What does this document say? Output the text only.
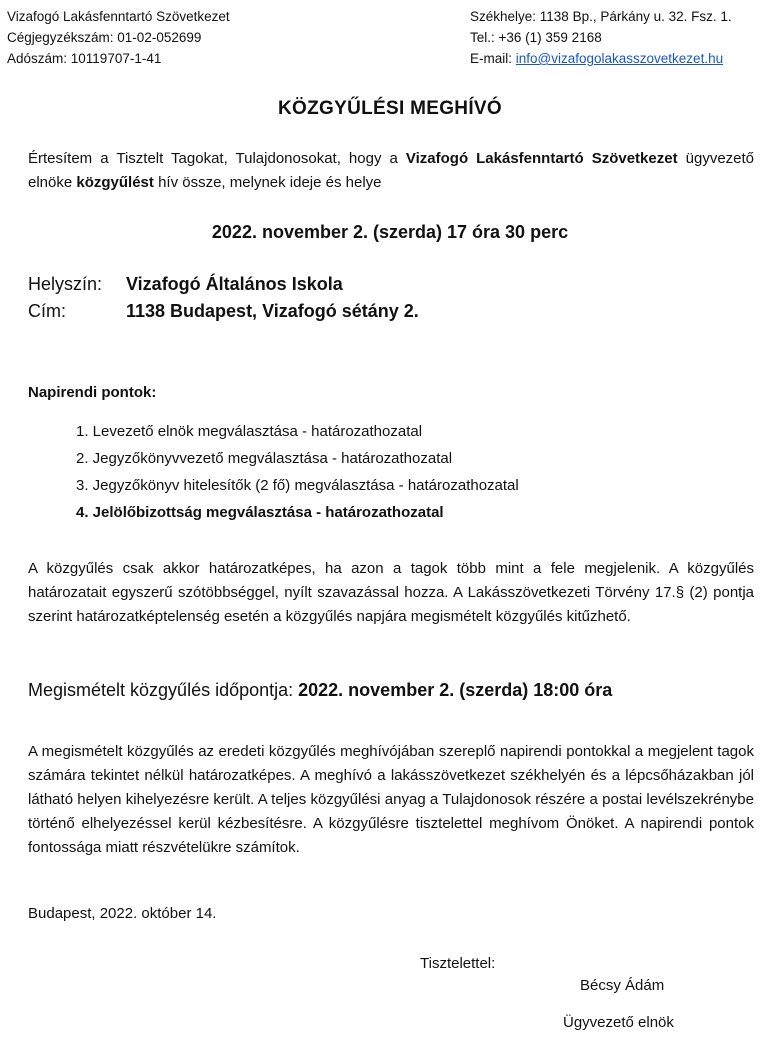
Vizafogó Lakásfenntartó Szövetkezet
Cégjegyzékszám: 01-02-052699
Adószám: 10119707-1-41
Székhelye: 1138 Bp., Párkány u. 32. Fsz. 1.
Tel.: +36 (1) 359 2168
E-mail: info@vizafogolakasszovetkezet.hu
KÖZGYŰLÉSI MEGHÍVÓ
Értesítem a Tisztelt Tagokat, Tulajdonosokat, hogy a Vizafogó Lakásfenntartó Szövetkezet ügyvezető elnöke közgyűlést hív össze, melynek ideje és helye
2022. november 2. (szerda) 17 óra 30 perc
Helyszín: Vizafogó Általános Iskola
Cím:	1138 Budapest, Vizafogó sétány 2.
Napirendi pontok:
1. Levezető elnök megválasztása - határozathozatal
2. Jegyzőkönyvvezető megválasztása - határozathozatal
3. Jegyzőkönyv hitelesítők (2 fő) megválasztása - határozathozatal
4. Jelölőbizottság megválasztása - határozathozatal
A közgyűlés csak akkor határozatképes, ha azon a tagok több mint a fele megjelenik. A közgyűlés határozatait egyszerű szótöbbséggel, nyílt szavazással hozza. A Lakásszövetkezeti Törvény 17.§ (2) pontja szerint határozatképtelenség esetén a közgyűlés napjára megismételt közgyűlés kitűzhető.
Megismételt közgyűlés időpontja: 2022. november 2. (szerda) 18:00 óra
A megismételt közgyűlés az eredeti közgyűlés meghívójában szereplő napirendi pontokkal a megjelent tagok számára tekintet nélkül határozatképes. A meghívó a lakásszövetkezet székhelyén és a lépcsőházakban jól látható helyen kihelyezésre került. A teljes közgyűlési anyag a Tulajdonosok részére a postai levélszekrénybe történő elhelyezéssel kerül kézbesítésre. A közgyűlésre tisztelettel meghívom Önöket. A napirendi pontok fontossága miatt részvételükre számítok.
Budapest, 2022. október 14.
Tisztelettel:
Bécsy Ádám
Ügyvezető elnök
